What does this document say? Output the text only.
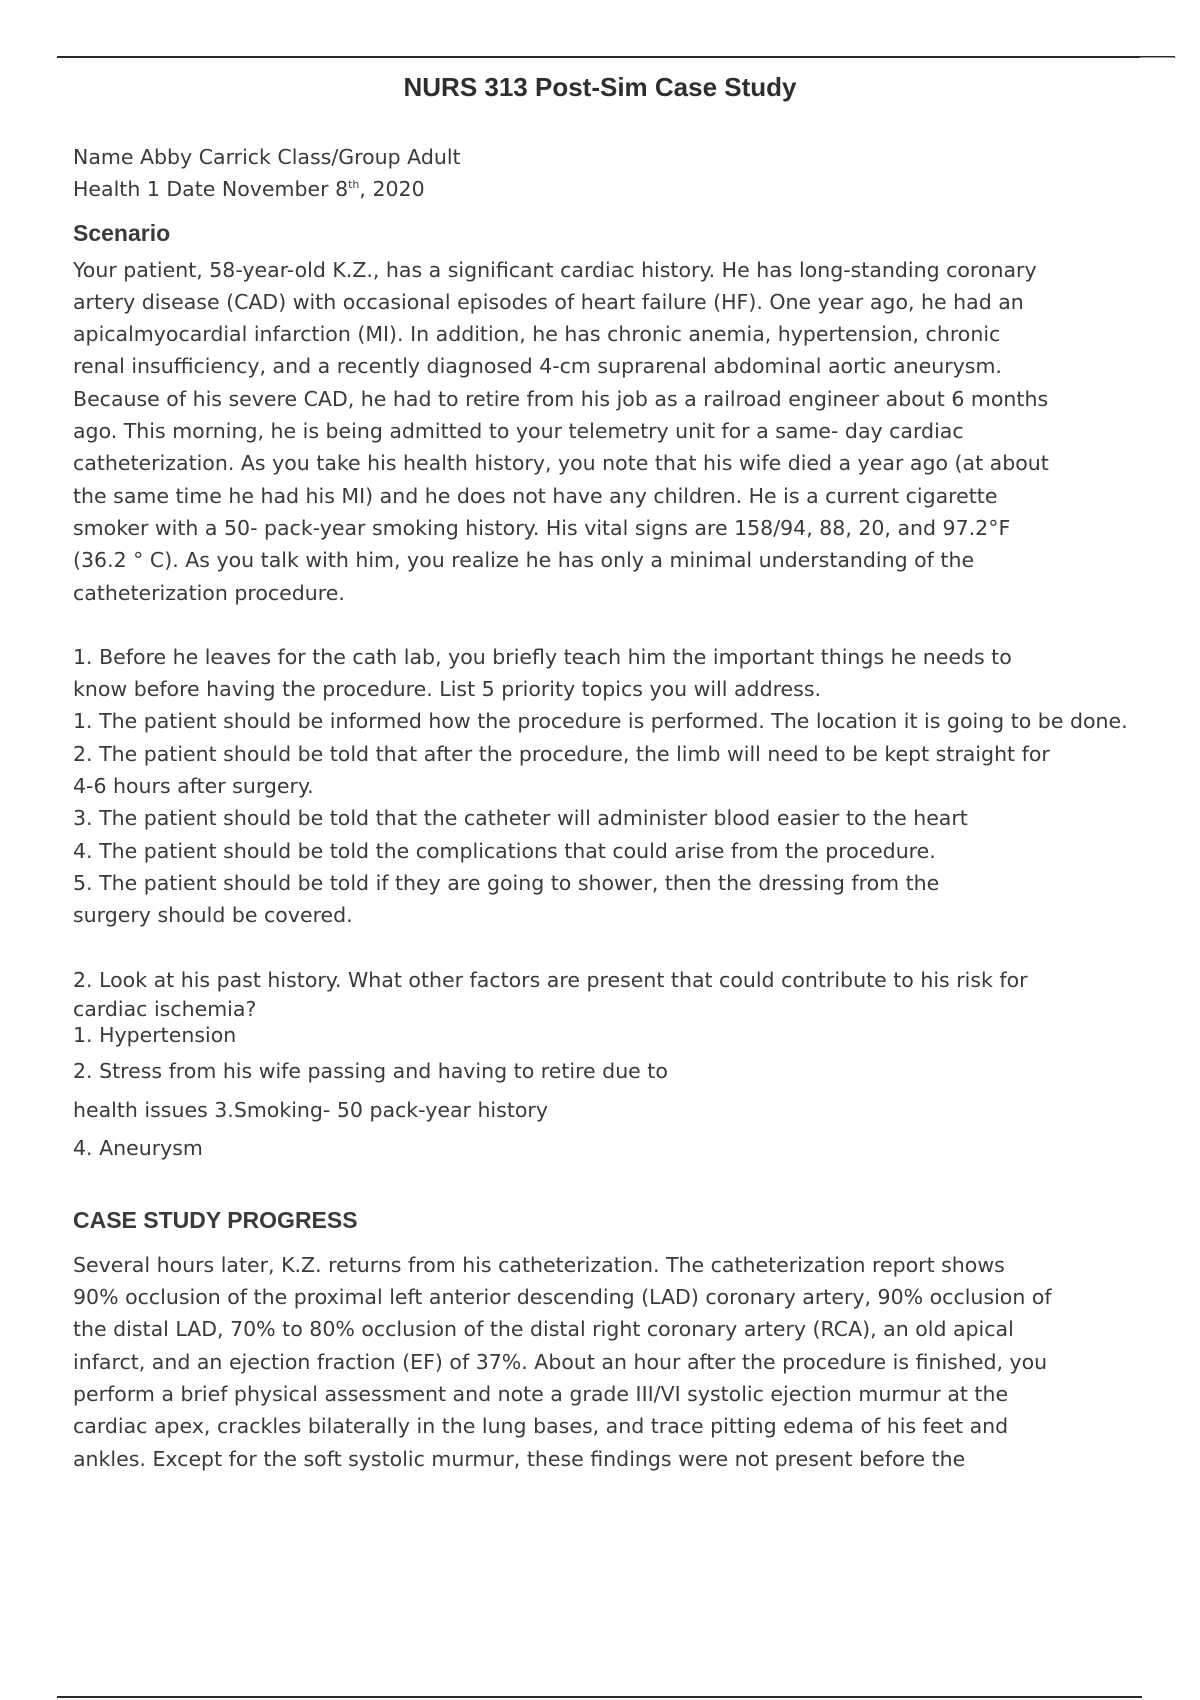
NURS 313 Post-Sim Case Study
Name Abby Carrick Class/Group Adult
Health 1 Date November 8th, 2020
Scenario
Your patient, 58-year-old K.Z., has a significant cardiac history. He has long-standing coronary
artery disease (CAD) with occasional episodes of heart failure (HF). One year ago, he had an
apicalmyocardial infarction (MI). In addition, he has chronic anemia, hypertension, chronic
renal insufficiency, and a recently diagnosed 4-cm suprarenal abdominal aortic aneurysm.
Because of his severe CAD, he had to retire from his job as a railroad engineer about 6 months
ago. This morning, he is being admitted to your telemetry unit for a same- day cardiac
catheterization. As you take his health history, you note that his wife died a year ago (at about
the same time he had his MI) and he does not have any children. He is a current cigarette
smoker with a 50- pack-year smoking history. His vital signs are 158/94, 88, 20, and 97.2°F
(36.2 ° C). As you talk with him, you realize he has only a minimal understanding of the
catheterization procedure.
1. Before he leaves for the cath lab, you briefly teach him the important things he needs to
know before having the procedure. List 5 priority topics you will address.
1. The patient should be informed how the procedure is performed. The location it is going to be done.
2. The patient should be told that after the procedure, the limb will need to be kept straight for
4-6 hours after surgery.
3. The patient should be told that the catheter will administer blood easier to the heart
4. The patient should be told the complications that could arise from the procedure.
5. The patient should be told if they are going to shower, then the dressing from the
surgery should be covered.
2. Look at his past history. What other factors are present that could contribute to his risk for
cardiac ischemia?
1. Hypertension
2. Stress from his wife passing and having to retire due to
health issues 3.Smoking- 50 pack-year history
4. Aneurysm
CASE STUDY PROGRESS
Several hours later, K.Z. returns from his catheterization. The catheterization report shows
90% occlusion of the proximal left anterior descending (LAD) coronary artery, 90% occlusion of
the distal LAD, 70% to 80% occlusion of the distal right coronary artery (RCA), an old apical
infarct, and an ejection fraction (EF) of 37%. About an hour after the procedure is finished, you
perform a brief physical assessment and note a grade III/VI systolic ejection murmur at the
cardiac apex, crackles bilaterally in the lung bases, and trace pitting edema of his feet and
ankles. Except for the soft systolic murmur, these findings were not present before the
